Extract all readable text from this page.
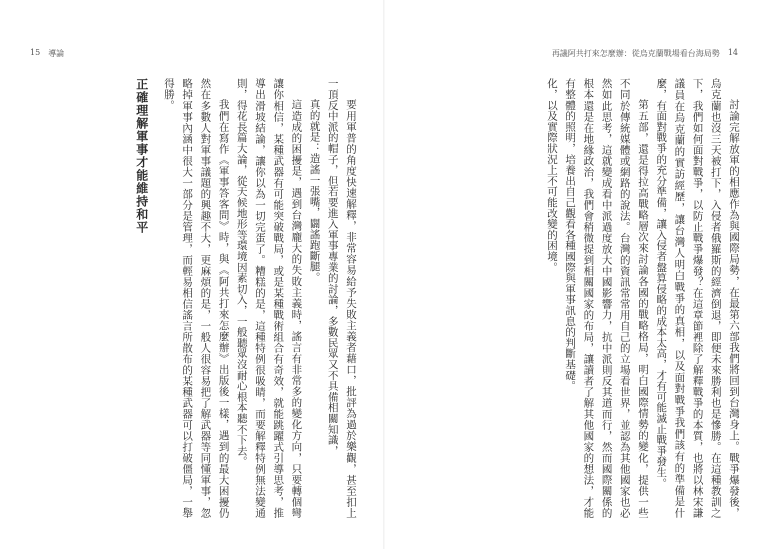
15 導論

要用軍普的角度快速解釋，非常容易給予失敗主義者藉口，批評為過於樂觀，甚至扣上一頂反中派的帽子，但若要進入軍事專業的討論，多數民眾又不具備相關知識，

真的就是：造謠一張嘴，闢謠跑斷腿。

這造成的困擾是，遇到台灣龐大的失敗主義時，謠言有非常多的變化方向，只要轉個彎讓你相信，某種武器有可能突破戰局，或是某種戰術組合有奇效，就能跳躍式引導思考，推導出滑坡結論，讓你以為一切完蛋了。糟糕的是，這種特例很吸睛，而要解釋特例無法變通則，得花長篇大論，從天候地形等環境因素切入，一般聽眾沒耐心根本聽不下去。

我們在寫作《軍事答客問》時，與《阿共打來怎麼辦》出版後一樣，遇到的最大困擾仍然在多數人對軍事議題的興趣不大，更麻煩的是，一般人很容易把了解武器等同懂軍事，忽略掉軍事內涵中很大一部分是管理，而輕易相信謠言所散布的某種武器可以打破僵局，一舉得勝。

正確理解軍事才能維持和平
再議阿共打來怎麼辦：從烏克蘭戰場看台海局勢 14

討論完解放軍的相應作為與國際局勢，在最第六部我們將回到台灣身上。戰爭爆發後，烏克蘭也沒三天被打下，入侵者俄羅斯的經濟倒退，即便未來勝利也是慘勝。在這種教訓之下，我們如何面對戰爭，以防止戰爭爆發？在這章節裡除了解釋戰爭的本質，也將以林宋謙議員在烏克蘭的實訪經歷，讓台灣人明白戰爭的真相，以及面對戰爭我們該有的準備是什麼，有面對戰爭的充分準備，讓入侵者盤算侵略的成本太高，才有可能滅止戰爭發生。

第五部，還是得拉高戰略層次來討論各國的戰略格局，明白國際情勢的變化，提供一些不同於傳統媒體或網路的說法。台灣的資訊常常用自己的立場看世界，並認為其他國家也必然如此思考，這就變成看中派過度放大中國影響力，抗中派則反其道而行，然而國際關係的根本還是在地緣政治，我們會稍微提到相關國家的布局，讓讀者了解其他國家的想法，才能有整體的照明，培養出自己觀看各種國際與軍事訊息的判斷基礎。

化，以及實際狀況上不可能改變的困境。
